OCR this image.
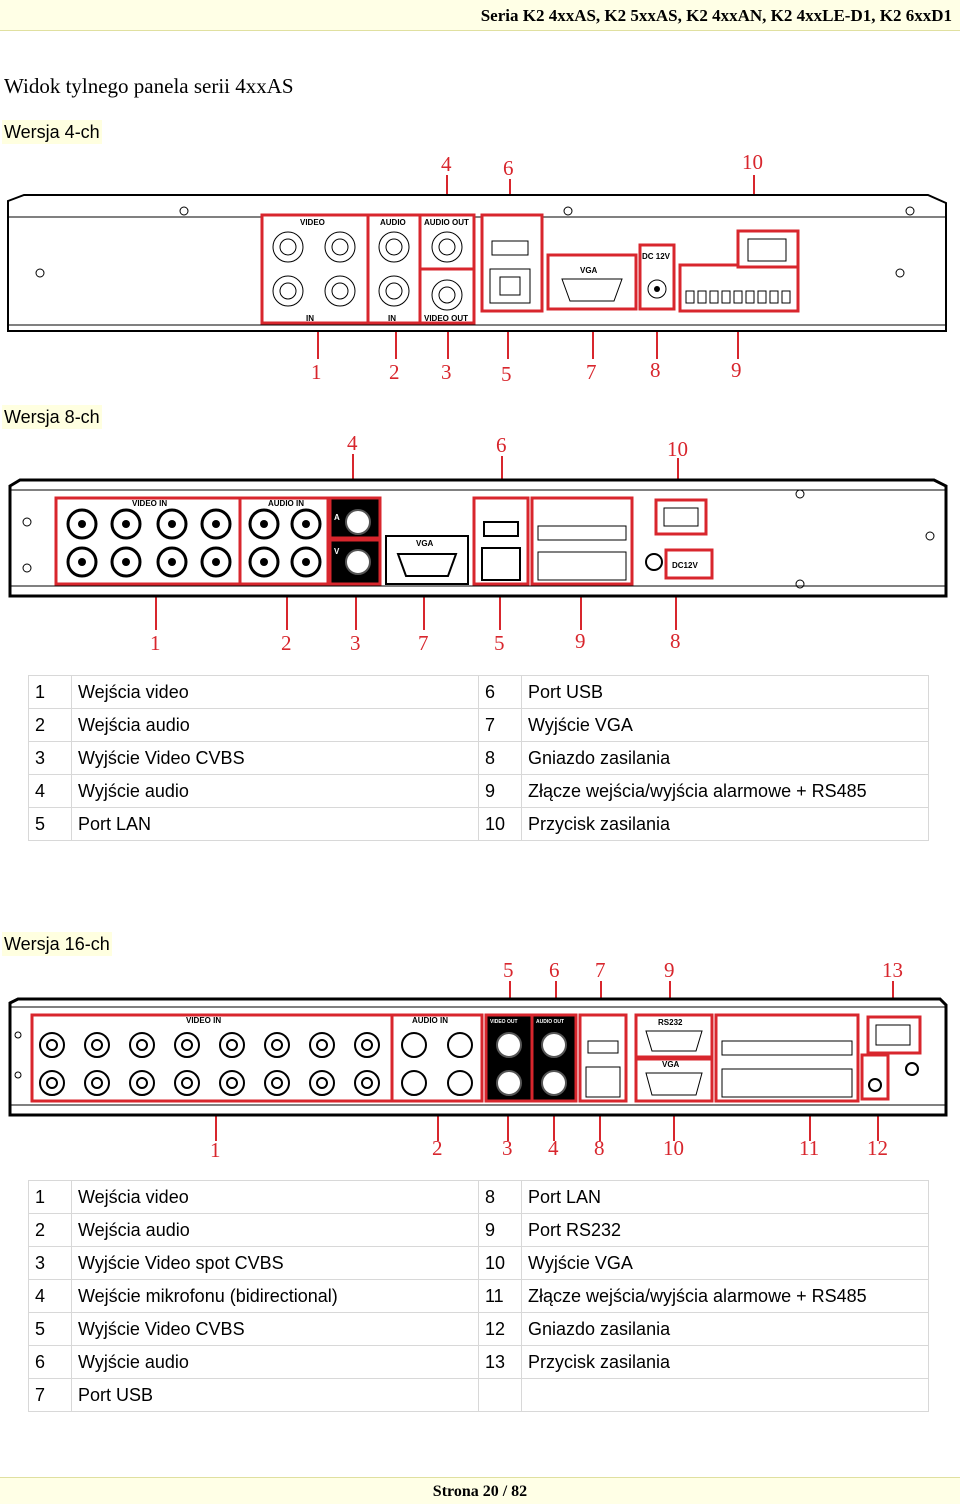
Seria K2 4xxAS, K2 5xxAS, K2 4xxAN, K2 4xxLE-D1, K2 6xxD1
Widok tylnego panela serii 4xxAS
Wersja 4-ch
VIDEO
IN
AUDIO
IN
AUDIO OUT
VIDEO OUT
VGA
DC 12V
4 6	10
1	2 3 5	7	8	9
Wersja 8-ch
VIDEO IN	AUDIO IN	OUT
A
V
VGA
DC12V
4	6	10
1	2	3	7	5	9	8
1	Wejścia video	6	Port USB
2	Wejścia audio	7	Wyjście VGA
3	Wyjście Video CVBS	8	Gniazdo zasilania
4	Wyjście audio	9	Złącze wejścia/wyjścia alarmowe + RS485
5	Port LAN	10	Przycisk zasilania
Wersja 16-ch
VIDEO IN	AUDIO IN	VIDEO OUT	AUDIO OUT	RS232
VGA
5 6 7	9	13
1	2	3 4 8	10	11 12
1	Wejścia video	8	Port LAN
2	Wejścia audio	9	Port RS232
3	Wyjście Video spot CVBS	10	Wyjście VGA
4	Wejście mikrofonu (bidirectional)	11	Złącze wejścia/wyjścia alarmowe + RS485
5	Wyjście Video CVBS	12	Gniazdo zasilania
6	Wyjście audio	13	Przycisk zasilania
7	Port USB		
Strona 20 / 82
